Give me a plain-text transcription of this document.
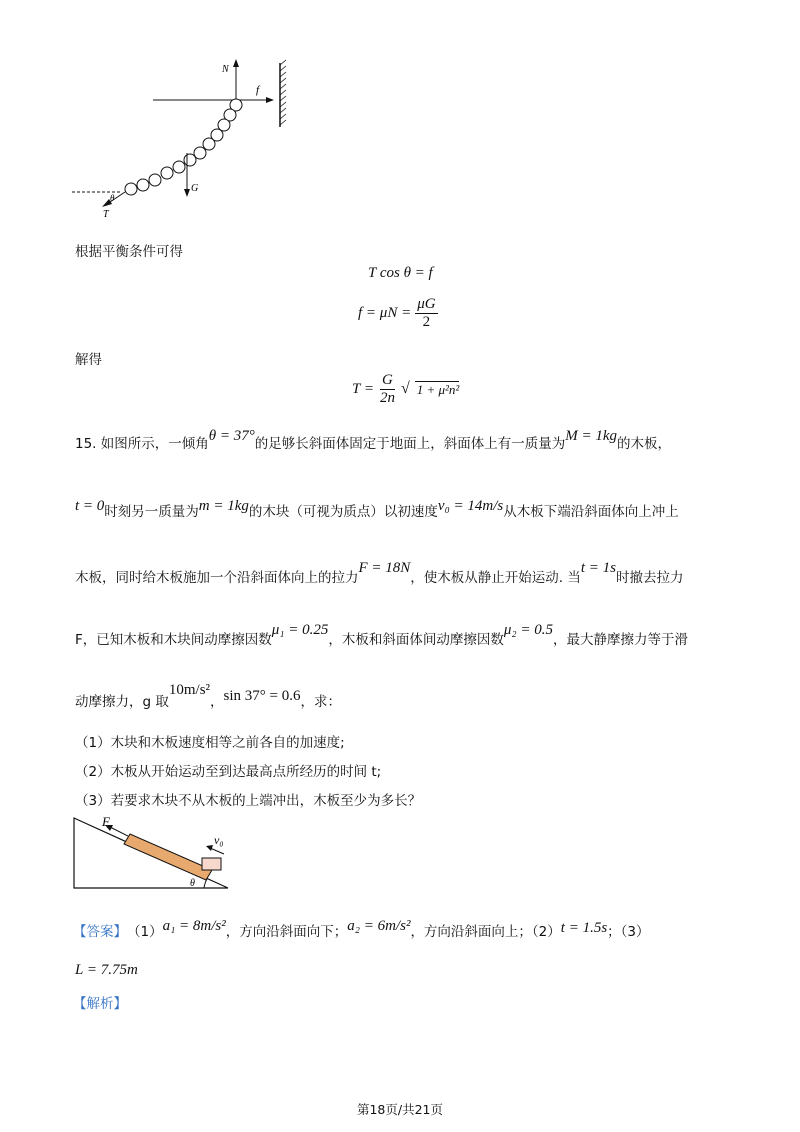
N
f
G
T
θ
根据平衡条件可得
T cos θ = f
$f = \mu N = \frac{\mu G}{2}$
解得
$T = \frac{G}{2n}$ √ 1 + μ²n²
15. 如图所示，一倾角 θ = 37° 的足够长斜面体固定于地面上，斜面体上有一质量为 M = 1kg 的木板，
t = 0 时刻另一质量为 m = 1kg 的木块（可视为质点）以初速度 v₀ = 14m/s 从木板下端沿斜面体向上冲上
木板，同时给木板施加一个沿斜面体向上的拉力
F = 18N
，使木板从静止开始运动. 当
t = 1s
时撤去拉力
F，已知木板和木块间动摩擦因数
μ₁ = 0.25
，木板和斜面体间动摩擦因数
μ₂ = 0.5
，最大静摩擦力等于滑
动摩擦力，g 取
10m/s²
， sin 37° = 0.6 ，求：
（1）木块和木板速度相等之前各自的加速度;
（2）木板从开始运动至到达最高点所经历的时间 t;
（3）若要求木块不从木板的上端冲出，木板至少为多长？
F
v₀
θ
【答案】 （1） a₁ = 8m/s² ，方向沿斜面向下； a₂ = 6m/s² ，方向沿斜面向上；（2） t = 1.5s ；（3）
L = 7.75m
【解析】
第18页/共21页
